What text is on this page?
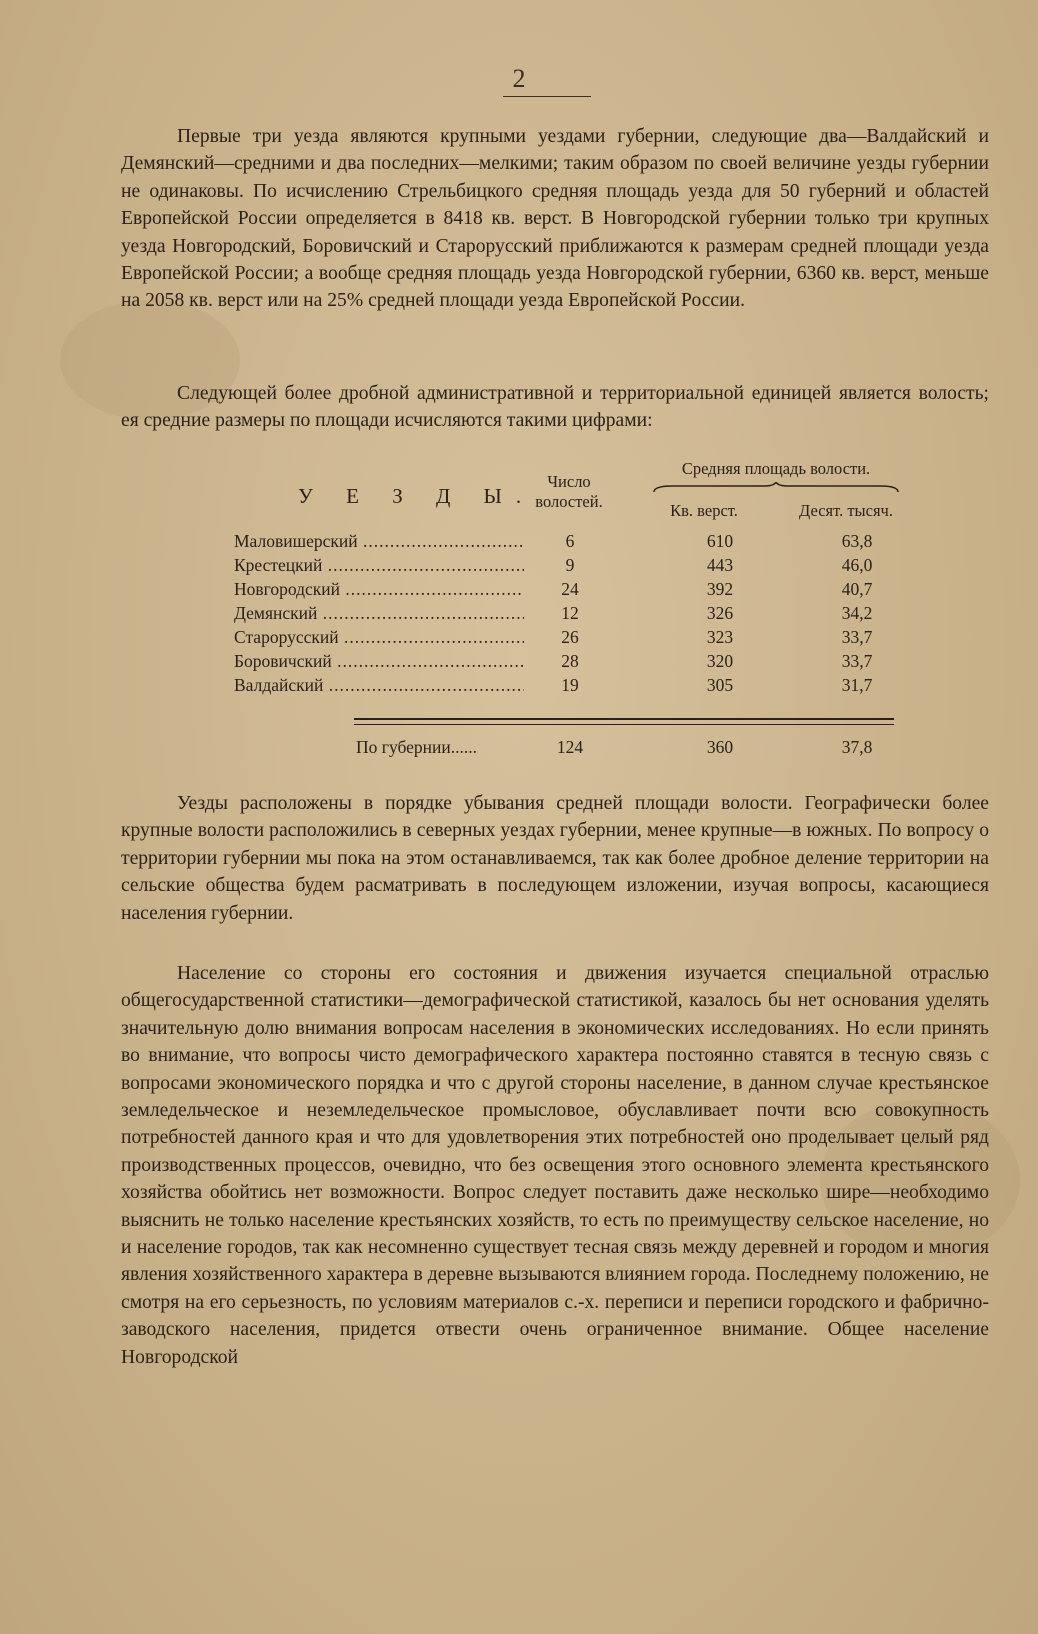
2

Первые три уезда являются крупными уездами губернии, следующие два—Валдайский и Демянский—средними и два последних—мелкими; таким образом по своей величине уезды губернии не одинаковы. По исчислению Стрельбицкого средняя площадь уезда для 50 губерний и областей Европейской России определяется в 8418 кв. верст. В Новгородской губернии только три крупных уезда Новгородский, Боровичский и Старорусский приближаются к размерам средней площади уезда Европейской России; а вообще средняя площадь уезда Новгородской губернии, 6360 кв. верст, меньше на 2058 кв. верст или на 25% средней площади уезда Европейской России.

Следующей более дробной административной и территориальной единицей является волость; ея средние размеры по площади исчисляются такими цифрами:

У Е З Д Ы.
Число волостей.
Средняя площадь волости.
Кв. верст.	Десят. тысяч.
Маловишерский .....	6	610	63,8
Крестецкий .....	9	443	46,0
Новгородский .....	24	392	40,7
Демянский .....	12	326	34,2
Старорусский .....	26	323	33,7
Боровичский .....	28	320	33,7
Валдайский .....	19	305	31,7
По губернии......	124	360	37,8

Уезды расположены в порядке убывания средней площади волости. Географически более крупные волости расположились в северных уездах губернии, менее крупные—в южных. По вопросу о территории губернии мы пока на этом останавливаемся, так как более дробное деление территории на сельские общества будем расматривать в последующем изложении, изучая вопросы, касающиеся населения губернии.

Население со стороны его состояния и движения изучается специальной отраслью общегосударственной статистики—демографической статистикой, казалось бы нет основания уделять значительную долю внимания вопросам населения в экономических исследованиях. Но если принять во внимание, что вопросы чисто демографического характера постоянно ставятся в тесную связь с вопросами экономического порядка и что с другой стороны население, в данном случае крестьянское земледельческое и неземледельческое промысловое, обуславливает почти всю совокупность потребностей данного края и что для удовлетворения этих потребностей оно проделывает целый ряд производственных процессов, очевидно, что без освещения этого основного элемента крестьянского хозяйства обойтись нет возможности. Вопрос следует поставить даже несколько шире—необходимо выяснить не только население крестьянских хозяйств, то есть по преимуществу сельское население, но и население городов, так как несомненно существует тесная связь между деревней и городом и многия явления хозяйственного характера в деревне вызываются влиянием города. Последнему положению, не смотря на его серьезность, по условиям материалов с.-х. переписи и переписи городского и фабрично-заводского населения, придется отвести очень ограниченное внимание. Общее население Новгородской
